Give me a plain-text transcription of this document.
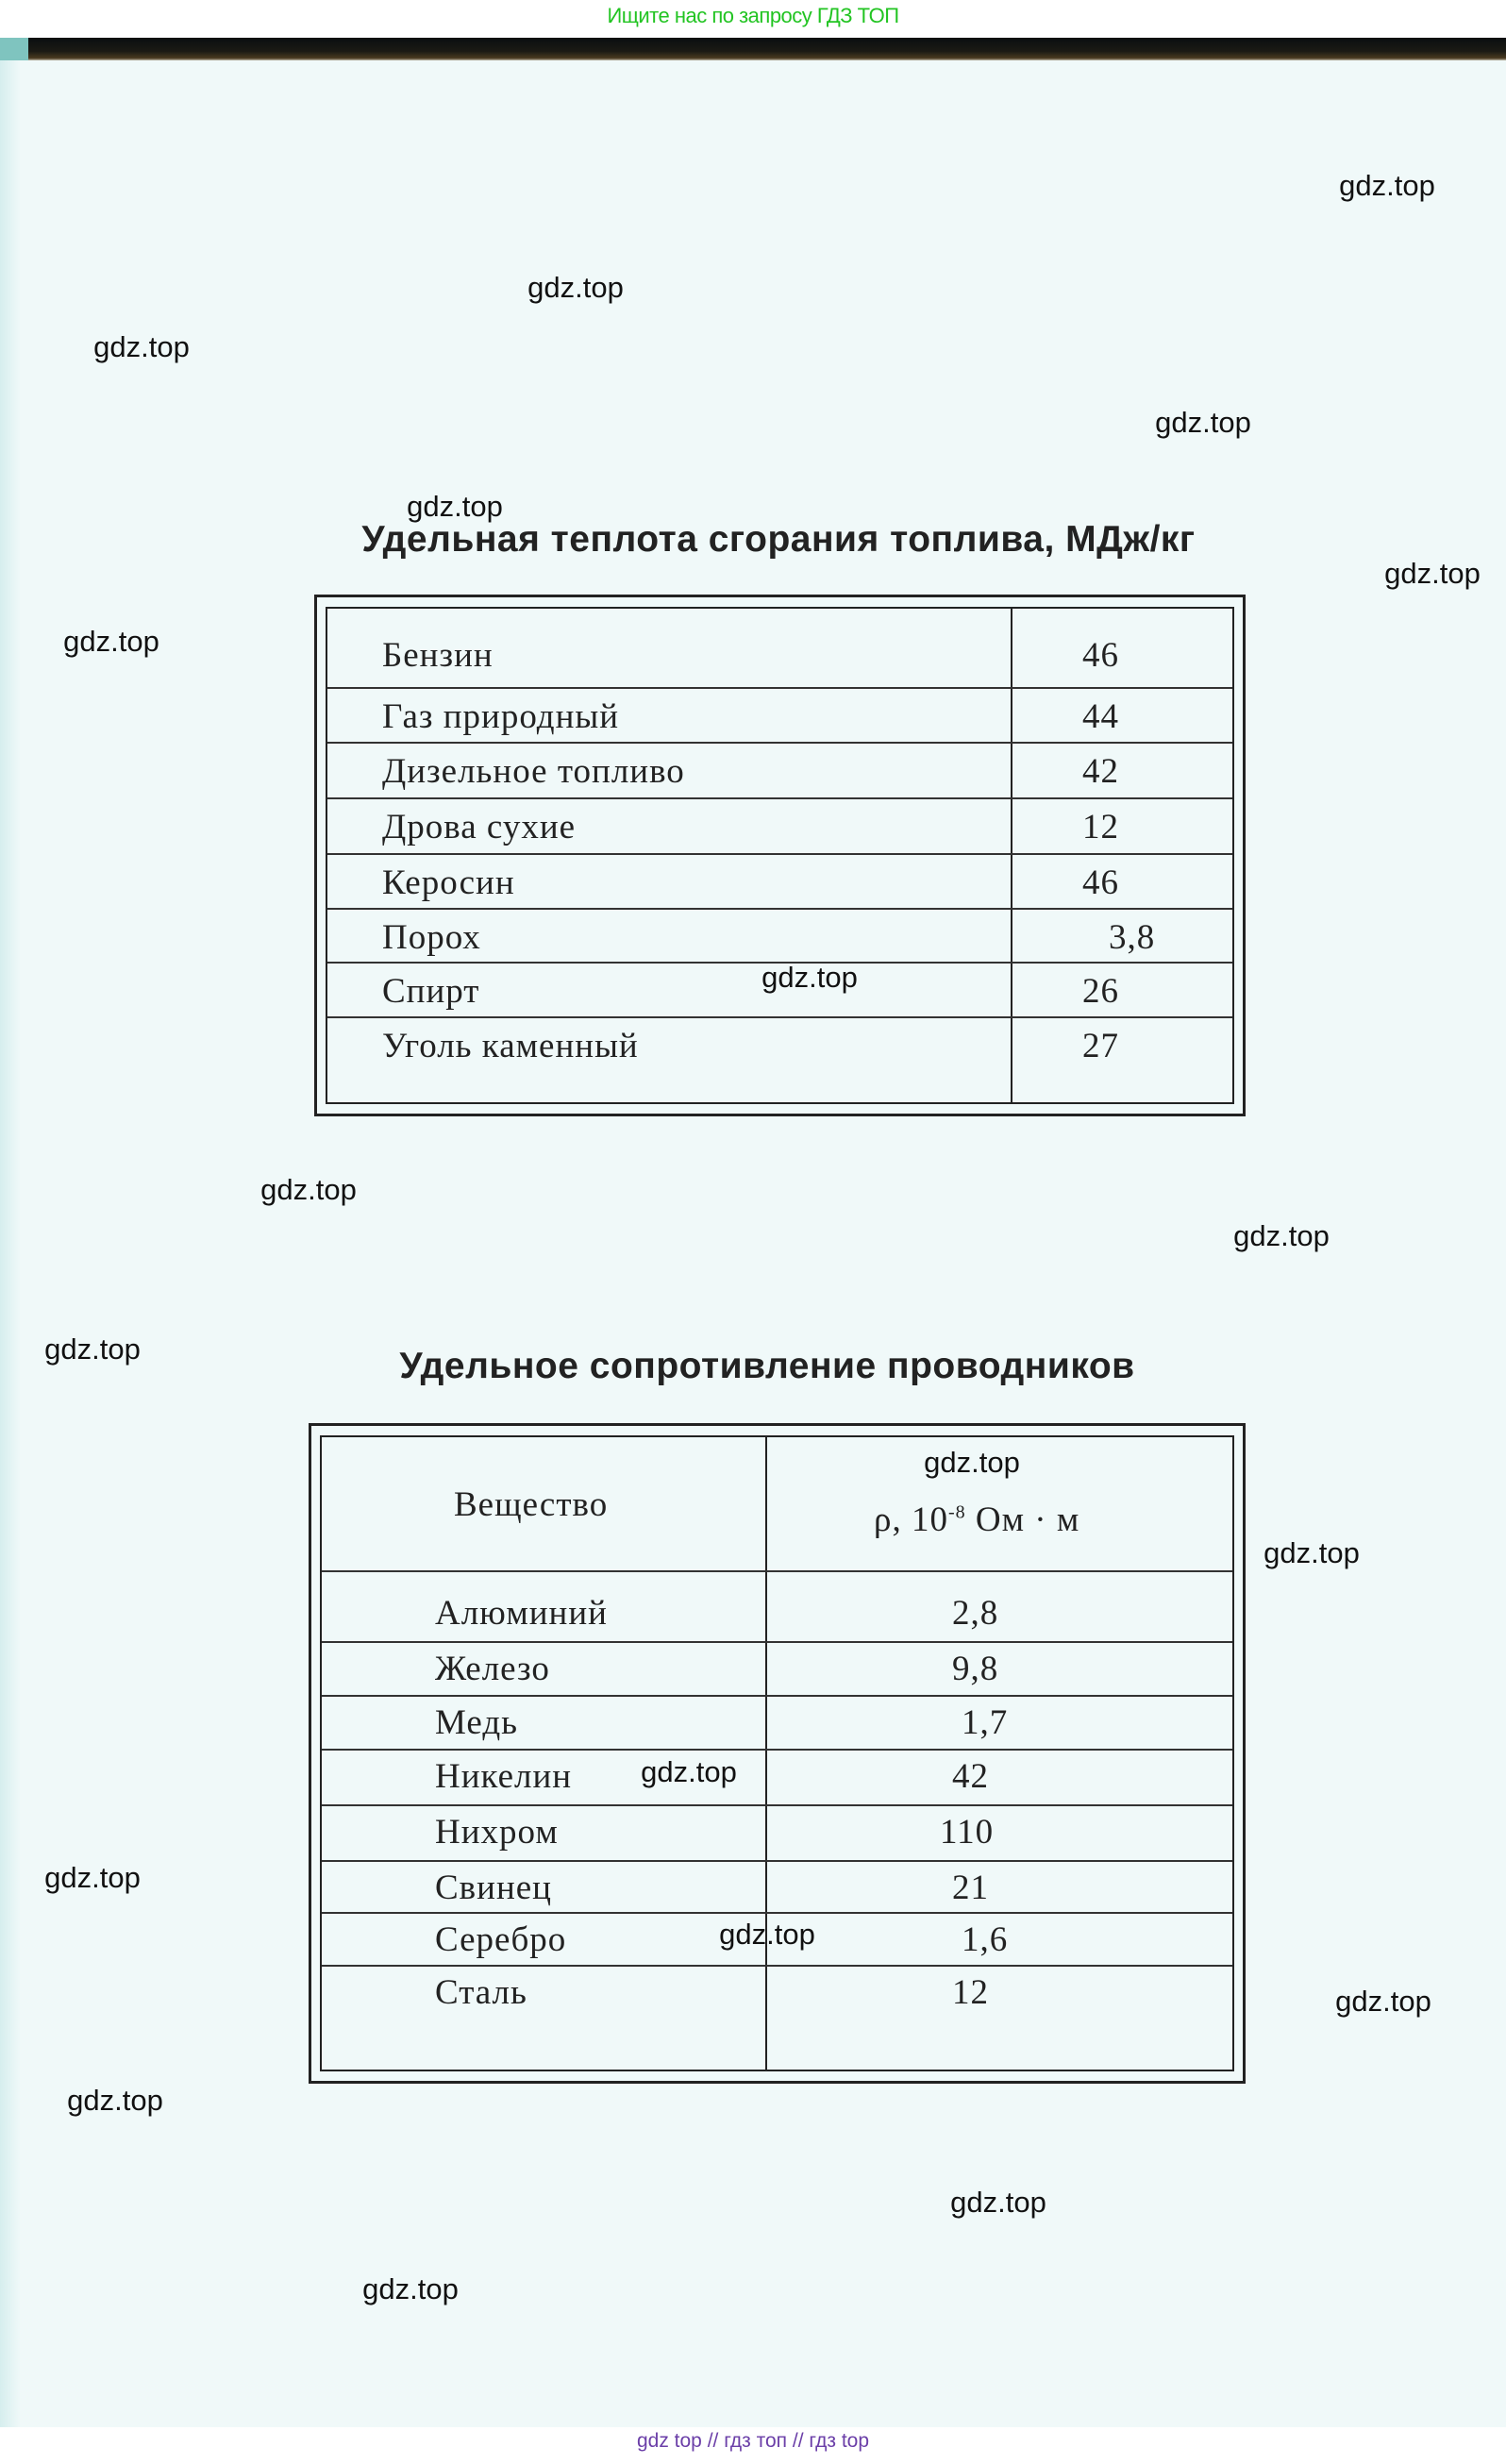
Ищите нас по запросу ГДЗ ТОП
Удельная теплота сгорания топлива, МДж/кг
Бензин	46
Газ природный	44
Дизельное топливо	42
Дрова сухие	12
Керосин	46
Порох	3,8
Спирт	26
Уголь каменный	27
Удельное сопротивление проводников
Вещество	ρ, $10^{-8}$ Ом · м
Алюминий	2,8
Железо	9,8
Медь	1,7
Никелин	42
Нихром	110
Свинец	21
Серебро	1,6
Сталь	12
gdz.top
gdz.top
gdz.top
gdz.top
gdz.top
gdz.top
gdz.top
gdz.top
gdz.top
gdz.top
gdz.top
gdz.top
gdz.top
gdz.top
gdz.top
gdz.top
gdz.top
gdz.top
gdz.top
gdz.top
gdz top // гдз топ // гдз top
